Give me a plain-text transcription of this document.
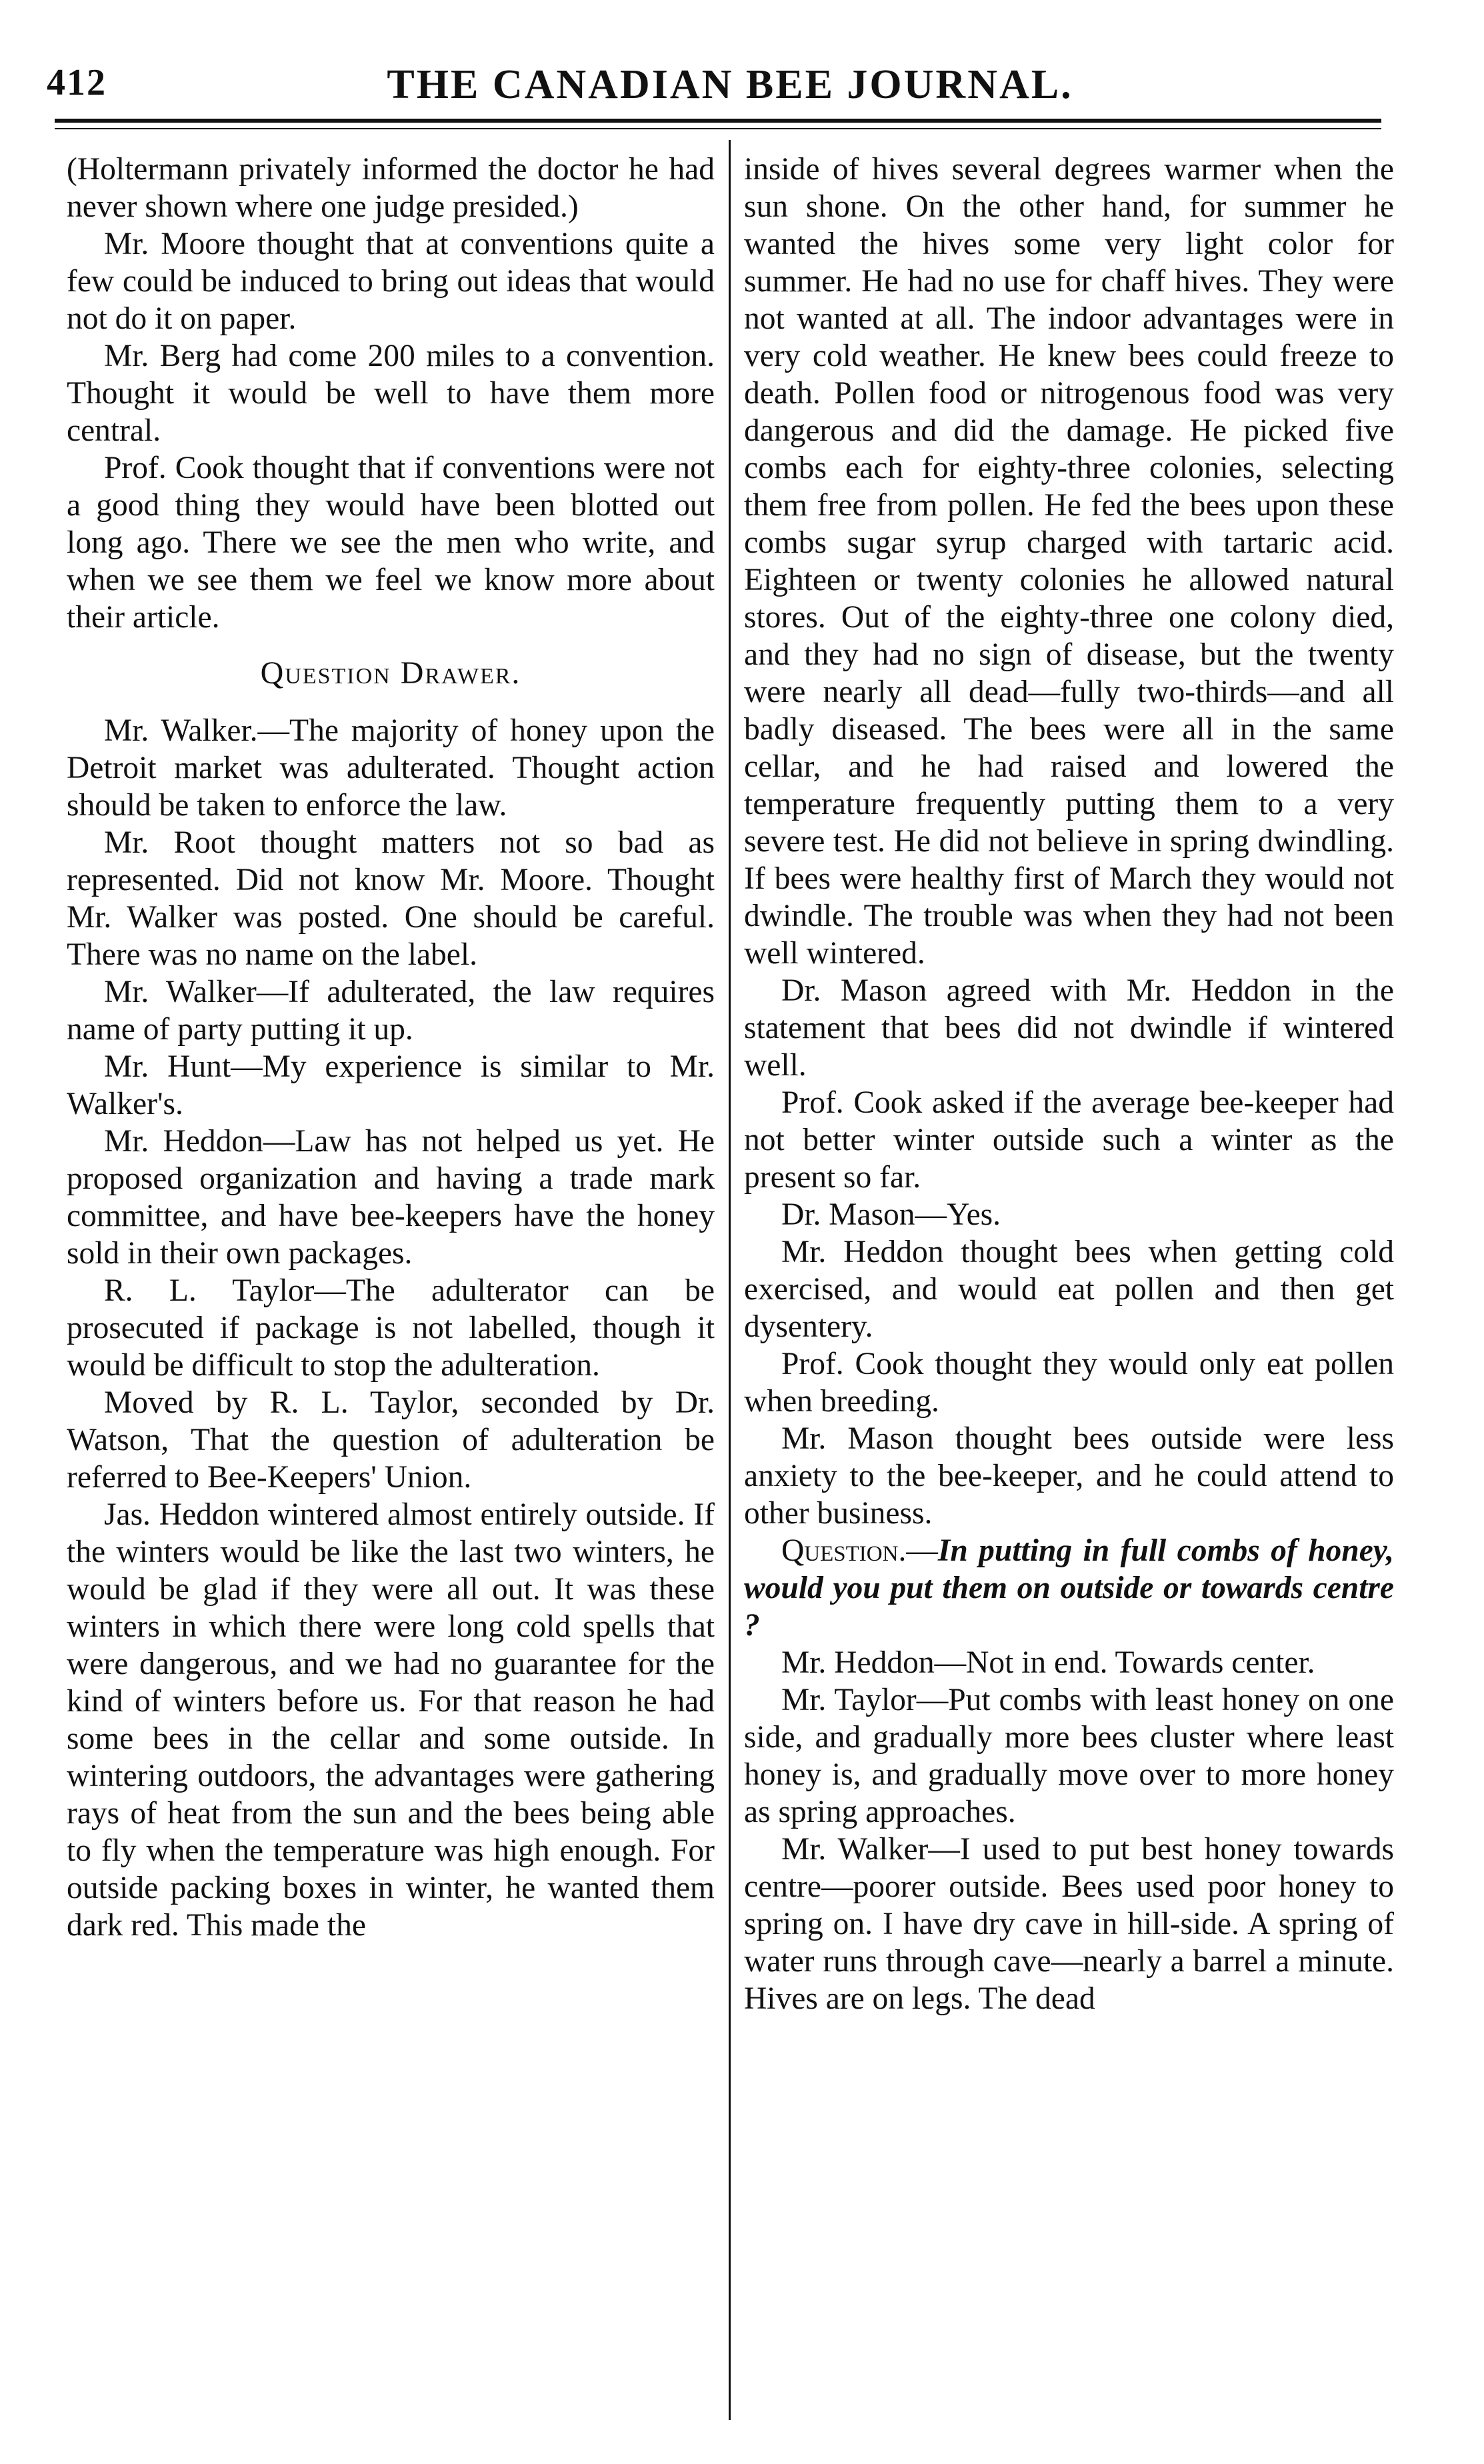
412	THE CANADIAN BEE JOURNAL.

(Holtermann privately informed the doctor he had never shown where one judge presided.)

Mr. Moore thought that at conventions quite a few could be induced to bring out ideas that would not do it on paper.

Mr. Berg had come 200 miles to a convention. Thought it would be well to have them more central.

Prof. Cook thought that if conventions were not a good thing they would have been blotted out long ago. There we see the men who write, and when we see them we feel we know more about their article.

Question Drawer.

Mr. Walker.—The majority of honey upon the Detroit market was adulterated. Thought action should be taken to enforce the law.

Mr. Root thought matters not so bad as represented. Did not know Mr. Moore. Thought Mr. Walker was posted. One should be careful. There was no name on the label.

Mr. Walker—If adulterated, the law requires name of party putting it up.

Mr. Hunt—My experience is similar to Mr. Walker's.

Mr. Heddon—Law has not helped us yet. He proposed organization and having a trade mark committee, and have bee-keepers have the honey sold in their own packages.

R. L. Taylor—The adulterator can be prosecuted if package is not labelled, though it would be difficult to stop the adulteration.

Moved by R. L. Taylor, seconded by Dr. Watson, That the question of adulteration be referred to Bee-Keepers' Union.

Jas. Heddon wintered almost entirely outside. If the winters would be like the last two winters, he would be glad if they were all out. It was these winters in which there were long cold spells that were dangerous, and we had no guarantee for the kind of winters before us. For that reason he had some bees in the cellar and some outside. In wintering outdoors, the advantages were gathering rays of heat from the sun and the bees being able to fly when the temperature was high enough. For outside packing boxes in winter, he wanted them dark red. This made the

inside of hives several degrees warmer when the sun shone. On the other hand, for summer he wanted the hives some very light color for summer. He had no use for chaff hives. They were not wanted at all. The indoor advantages were in very cold weather. He knew bees could freeze to death. Pollen food or nitrogenous food was very dangerous and did the damage. He picked five combs each for eighty-three colonies, selecting them free from pollen. He fed the bees upon these combs sugar syrup charged with tartaric acid. Eighteen or twenty colonies he allowed natural stores. Out of the eighty-three one colony died, and they had no sign of disease, but the twenty were nearly all dead—fully two-thirds—and all badly diseased. The bees were all in the same cellar, and he had raised and lowered the temperature frequently putting them to a very severe test. He did not believe in spring dwindling. If bees were healthy first of March they would not dwindle. The trouble was when they had not been well wintered.

Dr. Mason agreed with Mr. Heddon in the statement that bees did not dwindle if wintered well.

Prof. Cook asked if the average bee-keeper had not better winter outside such a winter as the present so far.

Dr. Mason—Yes.

Mr. Heddon thought bees when getting cold exercised, and would eat pollen and then get dysentery.

Prof. Cook thought they would only eat pollen when breeding.

Mr. Mason thought bees outside were less anxiety to the bee-keeper, and he could attend to other business.

Question.—In putting in full combs of honey, would you put them on outside or towards centre ?

Mr. Heddon—Not in end. Towards center.

Mr. Taylor—Put combs with least honey on one side, and gradually more bees cluster where least honey is, and gradually move over to more honey as spring approaches.

Mr. Walker—I used to put best honey towards centre—poorer outside. Bees used poor honey to spring on. I have dry cave in hill-side. A spring of water runs through cave—nearly a barrel a minute. Hives are on legs. The dead
